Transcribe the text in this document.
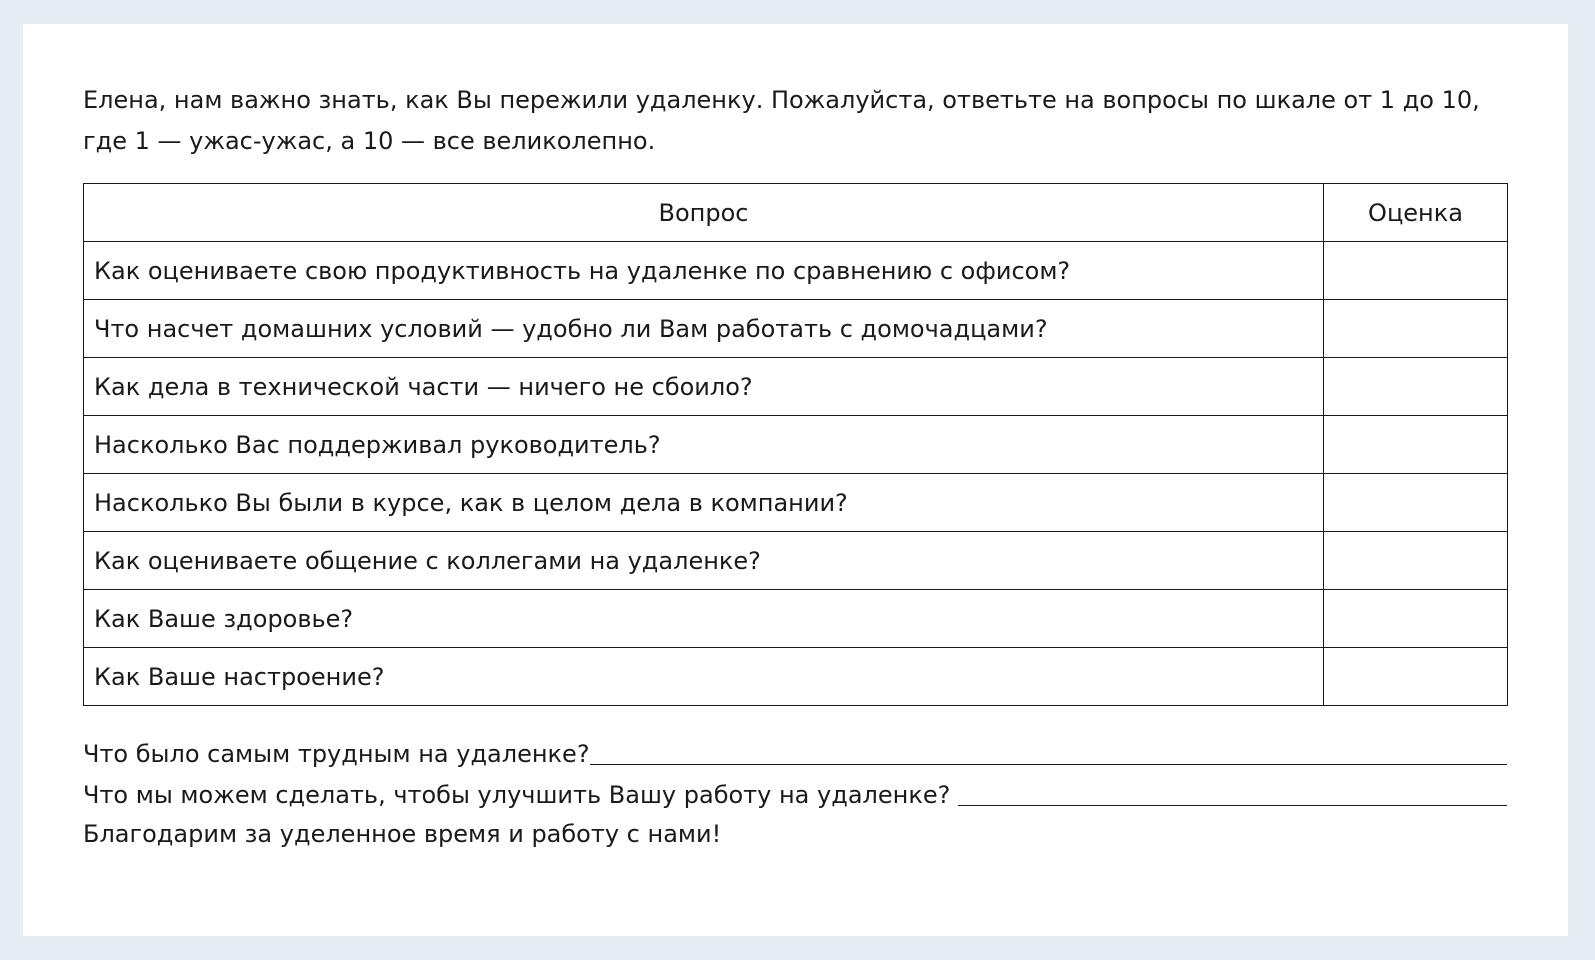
Елена, нам важно знать, как Вы пережили удаленку. Пожалуйста, ответьте на вопросы по шкале от 1 до 10,
где 1 — ужас-ужас, а 10 — все великолепно.

Вопрос	Оценка
Как оцениваете свою продуктивность на удаленке по сравнению с офисом?	
Что насчет домашних условий — удобно ли Вам работать с домочадцами?	
Как дела в технической части — ничего не сбоило?	
Насколько Вас поддерживал руководитель?	
Насколько Вы были в курсе, как в целом дела в компании?	
Как оцениваете общение с коллегами на удаленке?	
Как Ваше здоровье?	
Как Ваше настроение?	
Что было самым трудным на удаленке?
Что мы можем сделать, чтобы улучшить Вашу работу на удаленке?

Благодарим за уделенное время и работу с нами!
